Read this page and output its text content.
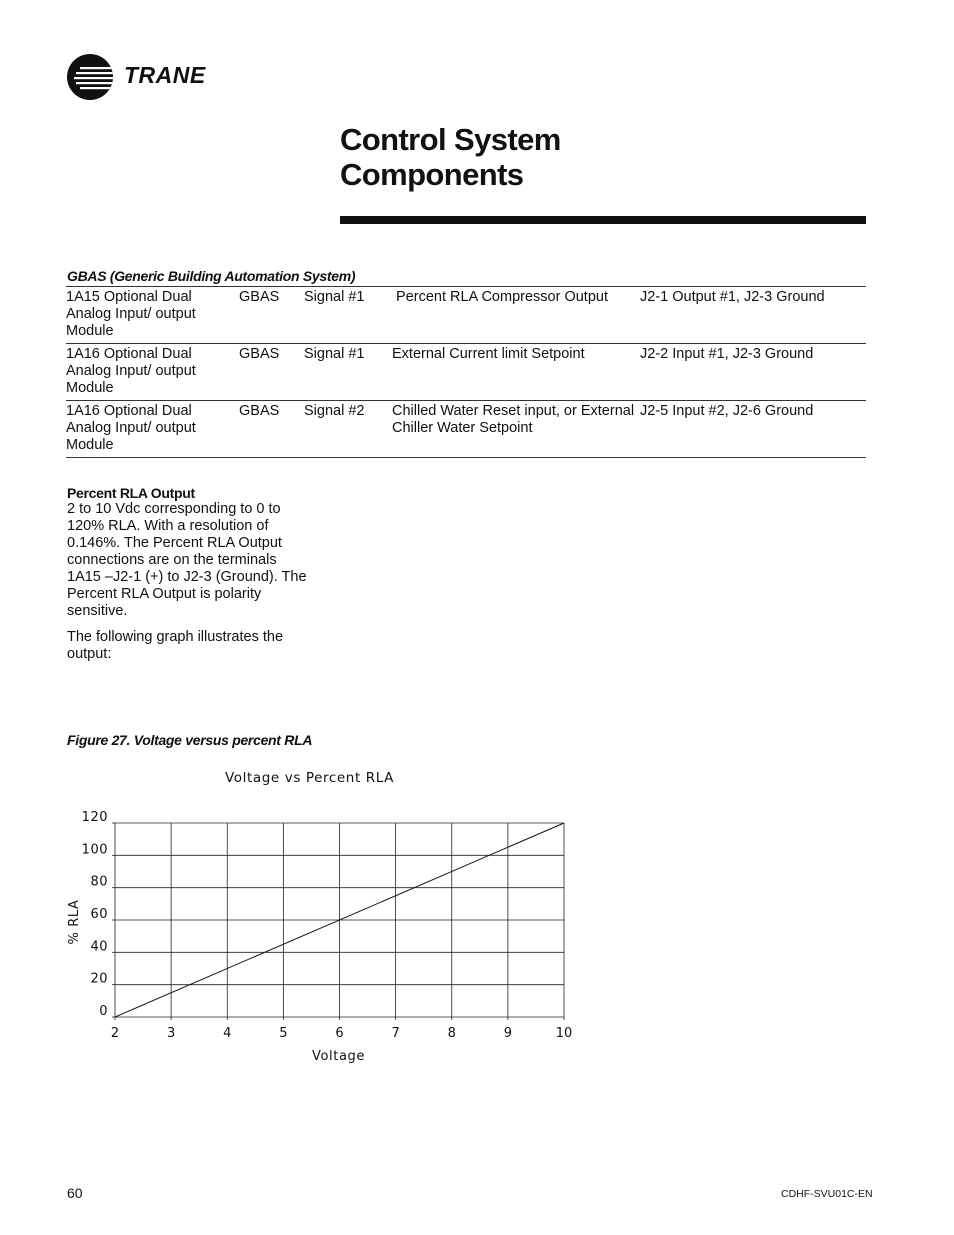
TRANE
Control System
Components
GBAS (Generic Building Automation System)
1A15 Optional Dual Analog Input/ output Module	GBAS	Signal #1	Percent RLA Compressor Output	J2-1 Output #1, J2-3 Ground
1A16 Optional Dual Analog Input/ output Module	GBAS	Signal #1	External Current limit Setpoint	J2-2 Input #1, J2-3 Ground
1A16 Optional Dual Analog Input/ output Module	GBAS	Signal #2	Chilled Water Reset input, or External Chiller Water Setpoint	J2-5 Input #2, J2-6 Ground
Percent RLA Output
2 to 10 Vdc corresponding to 0 to 120% RLA. With a resolution of 0.146%. The Percent RLA Output connections are on the terminals 1A15 –J2-1 (+) to J2-3 (Ground). The Percent RLA Output is polarity sensitive.
The following graph illustrates the output:
Figure 27. Voltage versus percent RLA
Voltage vs Percent RLA
0
20
40
60
80
100
120
2	3	4	5	6	7	8	9	10
Voltage
% RLA
60	CDHF-SVU01C-EN
